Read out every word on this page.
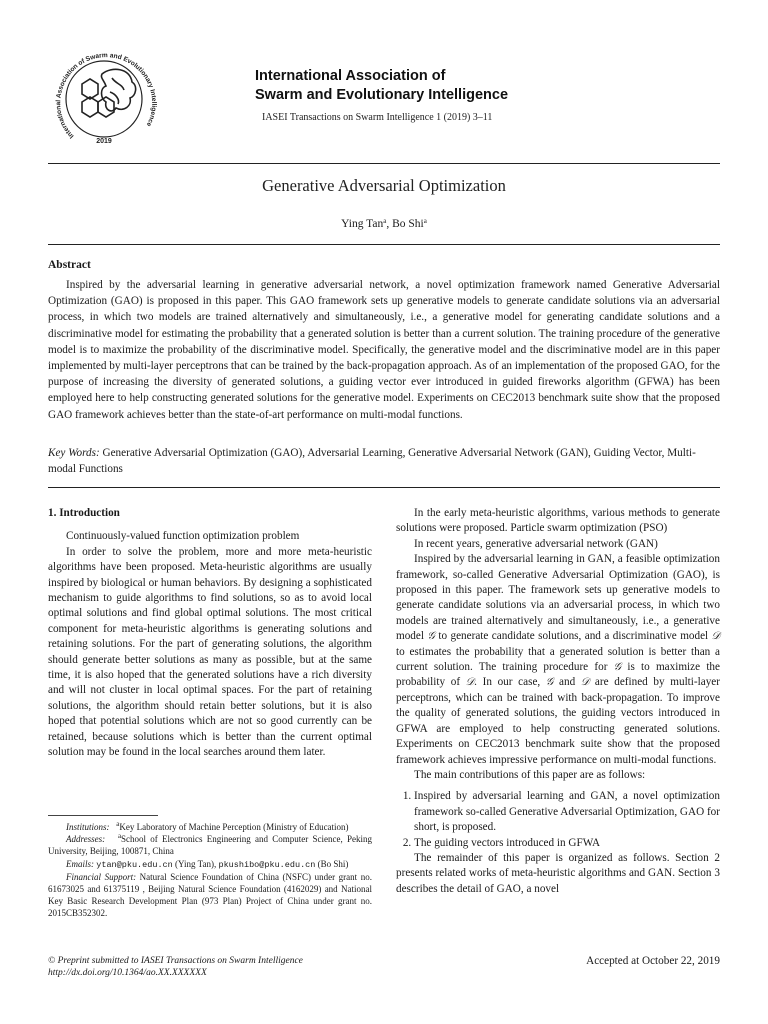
International Association of Swarm and Evolutionary Intelligence
2019
International Association of
Swarm and Evolutionary Intelligence
IASEI Transactions on Swarm Intelligence 1 (2019) 3–11
Generative Adversarial Optimization
Ying Tan$^a$, Bo Shi$^a$
Abstract
Inspired by the adversarial learning in generative adversarial network, a novel optimization framework named Generative Adversarial Optimization (GAO) is proposed in this paper. This GAO framework sets up generative models to generate candidate solutions via an adversarial process, in which two models are trained alternatively and simultaneously, i.e., a generative model for generating candidate solutions and a discriminative model for estimating the probability that a generated solution is better than a current solution. The training procedure of the generative model is to maximize the probability of the discriminative model. Specifically, the generative model and the discriminative model are in this paper implemented by multi-layer perceptrons that can be trained by the back-propagation approach. As of an implementation of the proposed GAO, for the purpose of increasing the diversity of generated solutions, a guiding vector ever introduced in guided fireworks algorithm (GFWA) has been employed here to help constructing generated solutions for the generative model. Experiments on CEC2013 benchmark suite show that the proposed GAO framework achieves better than the state-of-art performance on multi-modal functions.
Key Words: Generative Adversarial Optimization (GAO), Adversarial Learning, Generative Adversarial Network (GAN), Guiding Vector, Multi-modal Functions
1. Introduction

Continuously-valued function optimization problem

In order to solve the problem, more and more meta-heuristic algorithms have been proposed. Meta-heuristic algorithms are usually inspired by biological or human behaviors. By designing a sophisticated mechanism to guide algorithms to find solutions, so as to avoid local optimal solutions and find global optimal solutions. The most critical component for meta-heuristic algorithms is generating solutions and retaining solutions. For the part of generating solutions, the algorithm should generate better solutions as many as possible, but at the same time, it is also hoped that the generated solutions have a rich diversity and will not cluster in local optimal spaces. For the part of retaining solutions, the algorithm should retain better solutions, but it is also hoped that potential solutions which are not so good currently can be retained, because solutions which is better than the current optimal solution may be found in the local searches around them later.

In the early meta-heuristic algorithms, various methods to generate solutions were proposed. Particle swarm optimization (PSO)

In recent years, generative adversarial network (GAN)

Inspired by the adversarial learning in GAN, a feasible optimization framework, so-called Generative Adversarial Optimization (GAO), is proposed in this paper. The framework sets up generative models to generate candidate solutions via an adversarial process, in which two models are trained alternatively and simultaneously, i.e., a generative model 𝒢 to generate candidate solutions, and a discriminative model 𝒟 to estimates the probability that a generated solution is better than a current solution. The training procedure for 𝒢 is to maximize the probability of 𝒟. In our case, 𝒢 and 𝒟 are defined by multi-layer perceptrons, which can be trained with back-propagation. To improve the quality of generated solutions, the guiding vectors introduced in GFWA are employed to help constructing generated solutions. Experiments on CEC2013 benchmark suite show that the proposed framework achieves impressive performance on multi-modal functions.

The main contributions of this paper are as follows:

1. Inspired by adversarial learning and GAN, a novel optimization framework so-called Generative Adversarial Optimization, GAO for short, is proposed.
2. The guiding vectors introduced in GFWA

The remainder of this paper is organized as follows. Section 2 presents related works of meta-heuristic algorithms and GAN. Section 3 describes the detail of GAO, a novel

Institutions: $^a$Key Laboratory of Machine Perception (Ministry of Education)

Addresses: $^a$School of Electronics Engineering and Computer Science, Peking University, Beijing, 100871, China

Emails: ytan@pku.edu.cn (Ying Tan), pkushibo@pku.edu.cn (Bo Shi)

Financial Support: Natural Science Foundation of China (NSFC) under grant no. 61673025 and 61375119 , Beijing Natural Science Foundation (4162029) and National Key Basic Research Development Plan (973 Plan) Project of China under grant no. 2015CB352302.

© Preprint submitted to IASEI Transactions on Swarm Intelligence
http://dx.doi.org/10.1364/ao.XX.XXXXXX
Accepted at October 22, 2019
